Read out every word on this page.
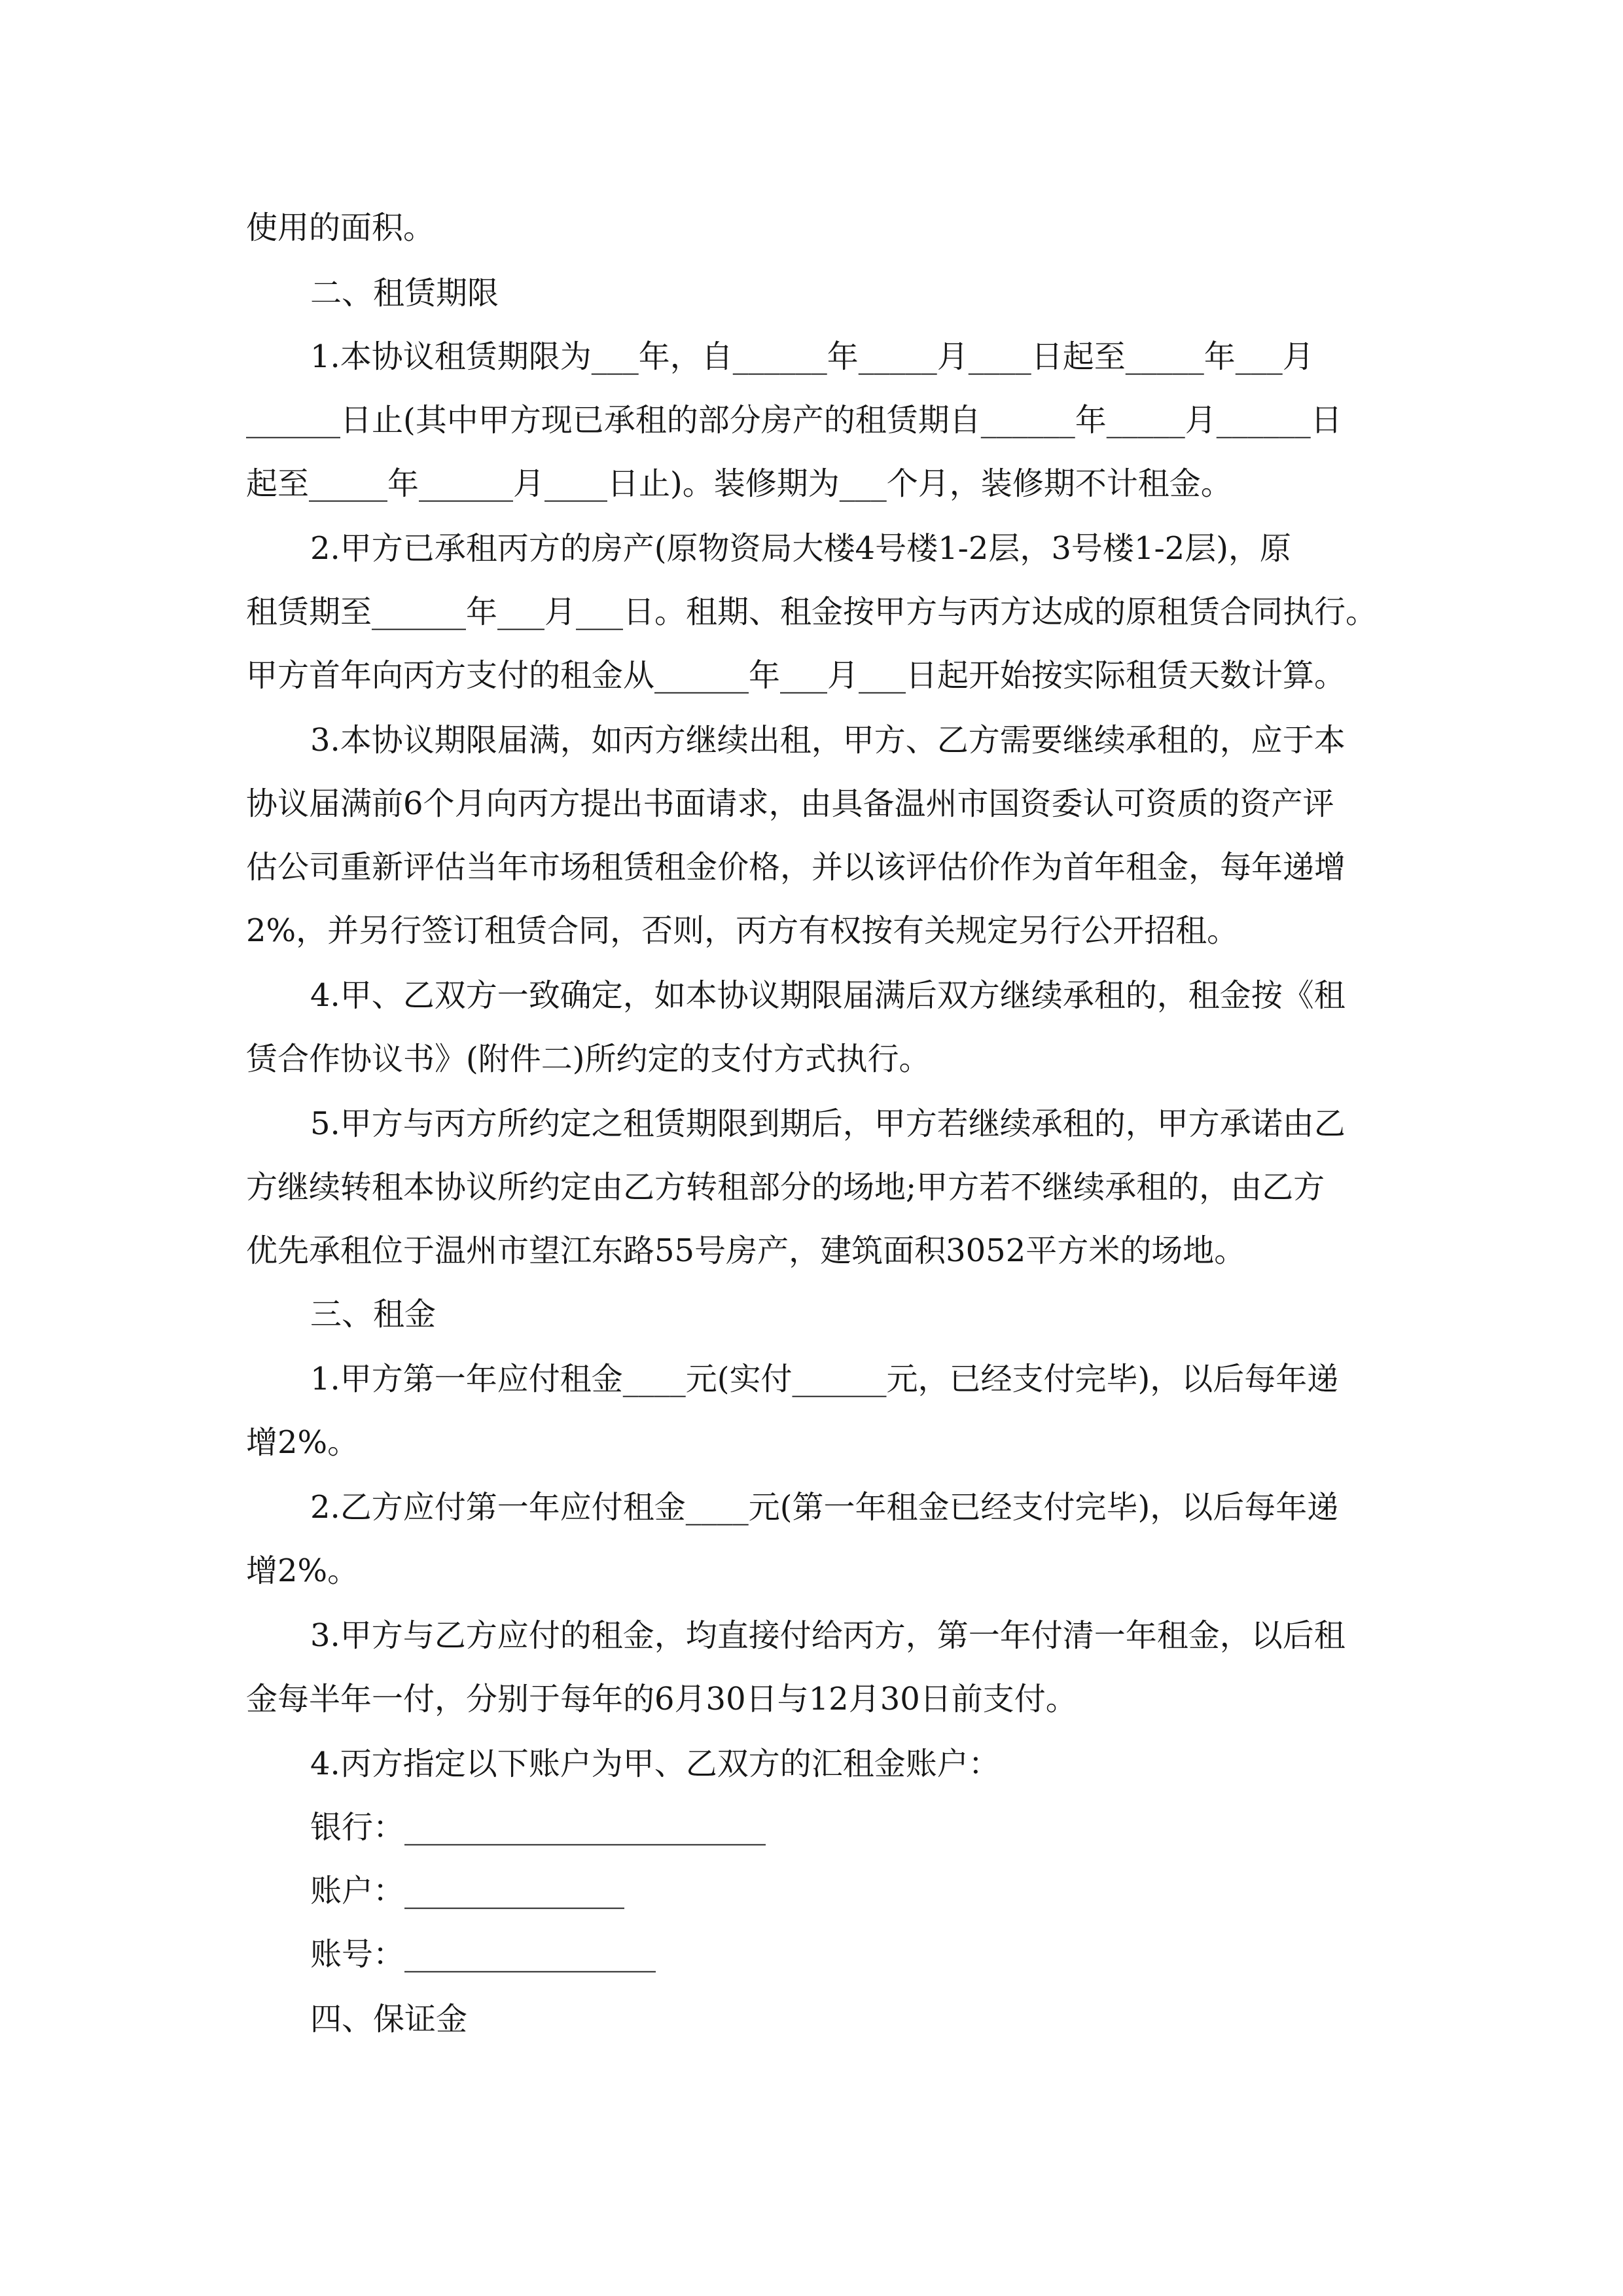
使用的面积。
二、租赁期限
1.本协议租赁期限为___年，自______年_____月____日起至_____年___月
______日止(其中甲方现已承租的部分房产的租赁期自______年_____月______日
起至_____年______月____日止)。装修期为___个月，装修期不计租金。
2.甲方已承租丙方的房产(原物资局大楼4号楼1-2层，3号楼1-2层)，原
租赁期至______年___月___日。租期、租金按甲方与丙方达成的原租赁合同执行。
甲方首年向丙方支付的租金从______年___月___日起开始按实际租赁天数计算。
3.本协议期限届满，如丙方继续出租，甲方、乙方需要继续承租的，应于本
协议届满前6个月向丙方提出书面请求，由具备温州市国资委认可资质的资产评
估公司重新评估当年市场租赁租金价格，并以该评估价作为首年租金，每年递增
2%，并另行签订租赁合同，否则，丙方有权按有关规定另行公开招租。
4.甲、乙双方一致确定，如本协议期限届满后双方继续承租的，租金按《租
赁合作协议书》(附件二)所约定的支付方式执行。
5.甲方与丙方所约定之租赁期限到期后，甲方若继续承租的，甲方承诺由乙
方继续转租本协议所约定由乙方转租部分的场地;甲方若不继续承租的，由乙方
优先承租位于温州市望江东路55号房产，建筑面积3052平方米的场地。
三、租金
1.甲方第一年应付租金____元(实付______元，已经支付完毕)，以后每年递
增2%。
2.乙方应付第一年应付租金____元(第一年租金已经支付完毕)，以后每年递
增2%。
3.甲方与乙方应付的租金，均直接付给丙方，第一年付清一年租金，以后租
金每半年一付，分别于每年的6月30日与12月30日前支付。
4.丙方指定以下账户为甲、乙双方的汇租金账户：
银行：_______________________
账户：______________
账号：________________
四、保证金
